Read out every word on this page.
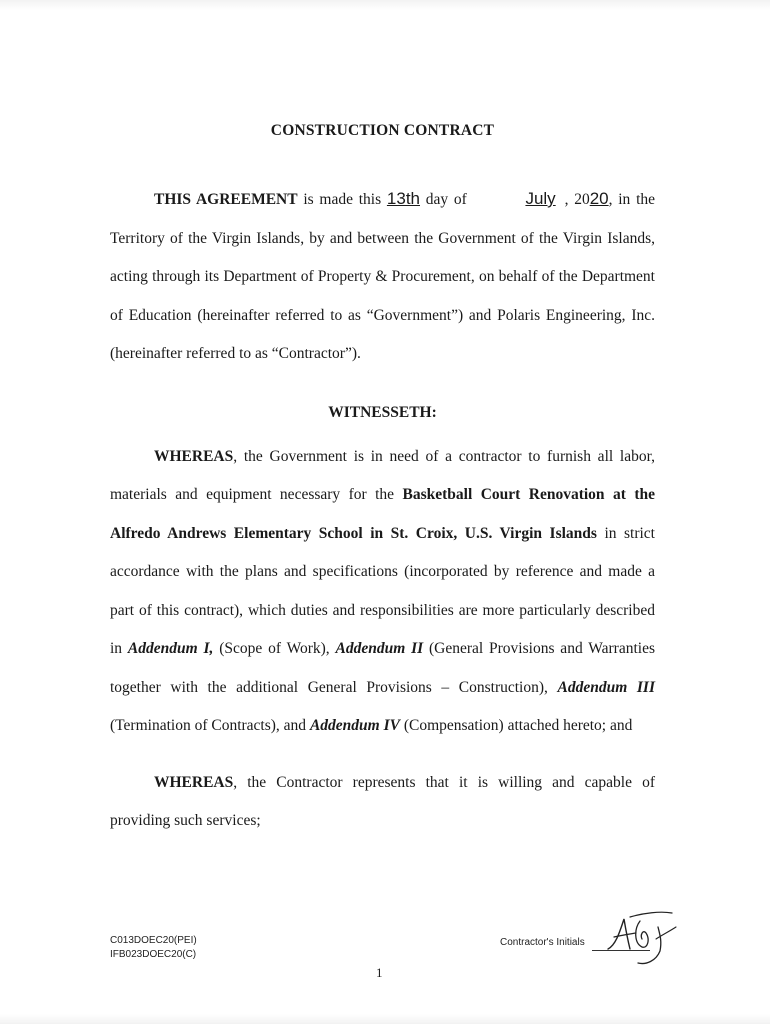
CONSTRUCTION CONTRACT

THIS AGREEMENT is made this 13th day of	July , 2020, in the Territory of the Virgin Islands, by and between the Government of the Virgin Islands, acting through its Department of Property & Procurement, on behalf of the Department of Education (hereinafter referred to as “Government”) and Polaris Engineering, Inc. (hereinafter referred to as “Contractor”).

WITNESSETH:

WHEREAS, the Government is in need of a contractor to furnish all labor, materials and equipment necessary for the Basketball Court Renovation at the Alfredo Andrews Elementary School in St. Croix, U.S. Virgin Islands in strict accordance with the plans and specifications (incorporated by reference and made a part of this contract), which duties and responsibilities are more particularly described in Addendum I, (Scope of Work), Addendum II (General Provisions and Warranties together with the additional General Provisions – Construction), Addendum III (Termination of Contracts), and Addendum IV (Compensation) attached hereto; and

WHEREAS, the Contractor represents that it is willing and capable of providing such services;

C013DOEC20(PEI)
IFB023DOEC20(C)
Contractor's Initials
1
